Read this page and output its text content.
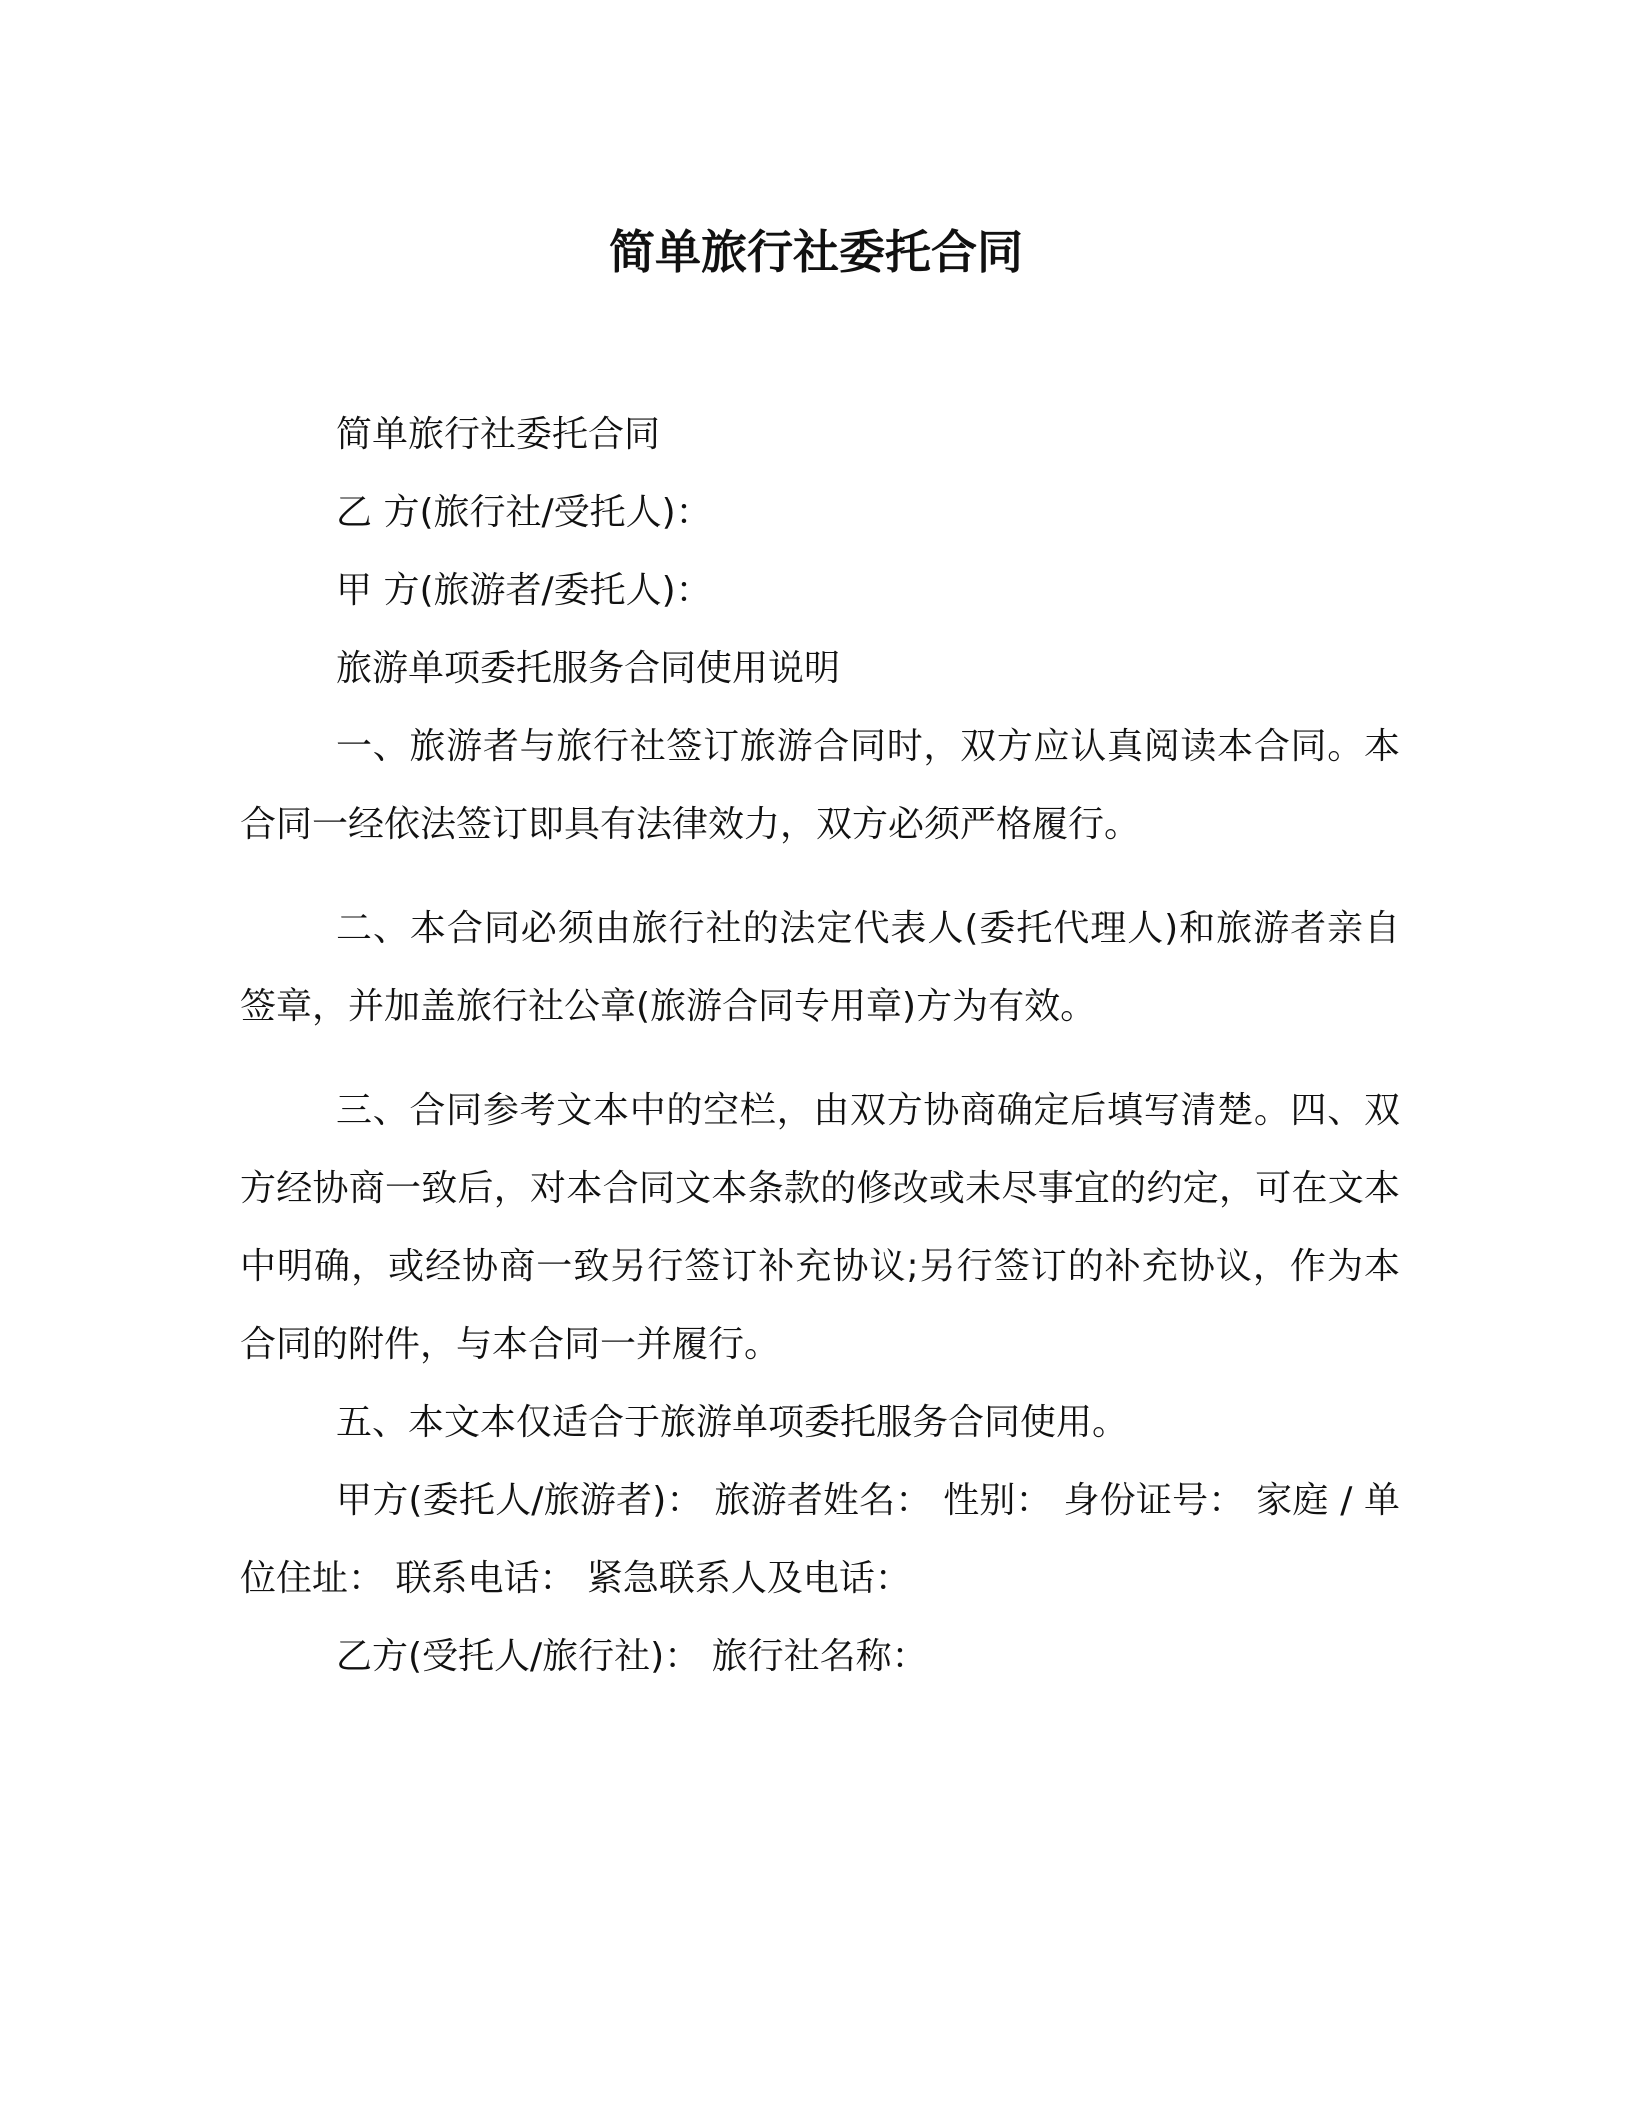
简单旅行社委托合同

简单旅行社委托合同

乙 方(旅行社/受托人)：

甲 方(旅游者/委托人)：

旅游单项委托服务合同使用说明

一、旅游者与旅行社签订旅游合同时，双方应认真阅读本合同。本合同一经依法签订即具有法律效力，双方必须严格履行。

二、本合同必须由旅行社的法定代表人(委托代理人)和旅游者亲自签章，并加盖旅行社公章(旅游合同专用章)方为有效。

三、合同参考文本中的空栏，由双方协商确定后填写清楚。四、双方经协商一致后，对本合同文本条款的修改或未尽事宜的约定，可在文本中明确，或经协商一致另行签订补充协议;另行签订的补充协议，作为本合同的附件，与本合同一并履行。

五、本文本仅适合于旅游单项委托服务合同使用。

甲方(委托人/旅游者)： 旅游者姓名： 性别： 身份证号： 家庭 / 单位住址： 联系电话： 紧急联系人及电话：

乙方(受托人/旅行社)： 旅行社名称：
